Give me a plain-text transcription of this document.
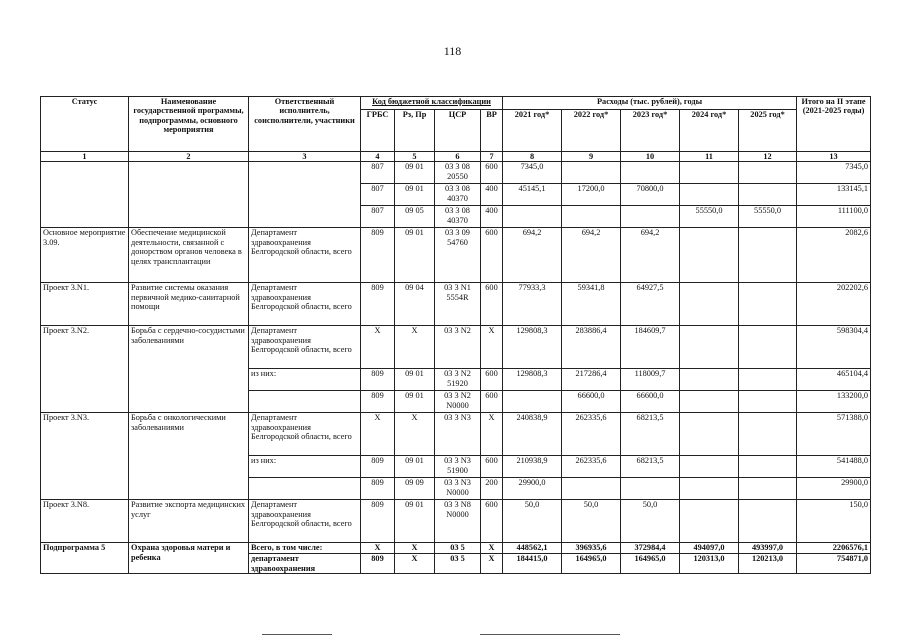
118
Статус	Наименование государственной программы, подпрограммы, основного мероприятия	Ответственный исполнитель, соисполнители, участники	Код бюджетной классификации				Расходы (тыс. рублей), годы					Итого на II этапе (2021-2025 годы)
			ГРБС	Рз, Пр	ЦСР	ВР	2021 год*	2022 год*	2023 год*	2024 год*	2025 год*	
1	2	3	4	5	6	7	8	9	10	11	12	13
			807	09 01	03 3 08 20550	600	7345,0					7345,0
			807	09 01	03 3 08 40370	400	45145,1	17200,0	70800,0			133145,1
			807	09 05	03 3 08 40370	400				55550,0	55550,0	111100,0
Основное мероприятие 3.09.	Обеспечение медицинской деятельности, связанной с донорством органов человека в целях трансплантации	Департамент здравоохранения Белгородской области, всего	809	09 01	03 3 09 54760	600	694,2	694,2	694,2			2082,6
Проект 3.N1.	Развитие системы оказания первичной медико-санитарной помощи	Департамент здравоохранения Белгородской области, всего	809	09 04	03 3 N1 5554R	600	77933,3	59341,8	64927,5			202202,6
Проект 3.N2.	Борьба с сердечно-сосудистыми заболеваниями	Департамент здравоохранения Белгородской области, всего	Х	Х	03 3 N2	Х	129808,3	283886,4	184609,7			598304,4
		из них:	809	09 01	03 3 N2 51920	600	129808,3	217286,4	118009,7			465104,4
			809	09 01	03 3 N2 N0000	600		66600,0	66600,0			133200,0
Проект 3.N3.	Борьба с онкологическими заболеваниями	Департамент здравоохранения Белгородской области, всего	Х	Х	03 3 N3	Х	240838,9	262335,6	68213,5			571388,0
		из них:	809	09 01	03 3 N3 51900	600	210938,9	262335,6	68213,5			541488,0
			809	09 09	03 3 N3 N0000	200	29900,0					29900,0
Проект 3.N8.	Развитие экспорта медицинских услуг	Департамент здравоохранения Белгородской области, всего	809	09 01	03 3 N8 N0000	600	50,0	50,0	50,0			150,0
Подпрограмма 5	Охрана здоровья матери и ребенка	Всего, в том числе:	Х	Х	03 5	Х	448562,1	396935,6	372984,4	494097,0	493997,0	2206576,1
		департамент здравоохранения	809	Х	03 5	Х	184415,0	164965,0	164965,0	120313,0	120213,0	754871,0
